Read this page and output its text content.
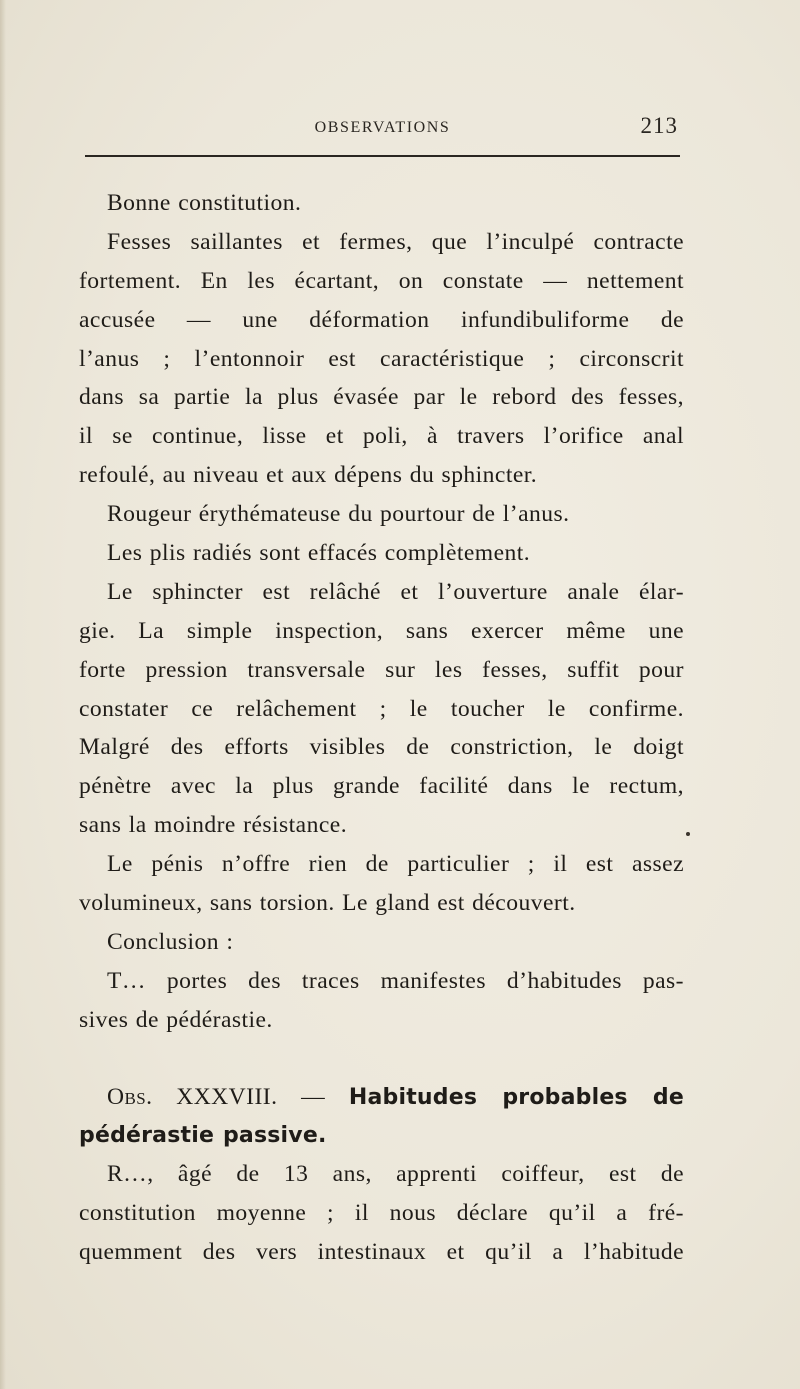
OBSERVATIONS	213
Bonne constitution.
Fesses saillantes et fermes, que l’inculpé contracte
fortement. En les écartant, on constate — nettement
accusée — une déformation infundibuliforme de
l’anus ; l’entonnoir est caractéristique ; circonscrit
dans sa partie la plus évasée par le rebord des fesses,
il se continue, lisse et poli, à travers l’orifice anal
refoulé, au niveau et aux dépens du sphincter.
Rougeur érythémateuse du pourtour de l’anus.
Les plis radiés sont effacés complètement.
Le sphincter est relâché et l’ouverture anale élar-
gie. La simple inspection, sans exercer même une
forte pression transversale sur les fesses, suffit pour
constater ce relâchement ; le toucher le confirme.
Malgré des efforts visibles de constriction, le doigt
pénètre avec la plus grande facilité dans le rectum,
sans la moindre résistance.
Le pénis n’offre rien de particulier ; il est assez
volumineux, sans torsion. Le gland est découvert.
Conclusion :
T… portes des traces manifestes d’habitudes pas-
sives de pédérastie.
Obs. XXXVIII. — Habitudes probables de
pédérastie passive.
R…, âgé de 13 ans, apprenti coiffeur, est de
constitution moyenne ; il nous déclare qu’il a fré-
quemment des vers intestinaux et qu’il a l’habitude
